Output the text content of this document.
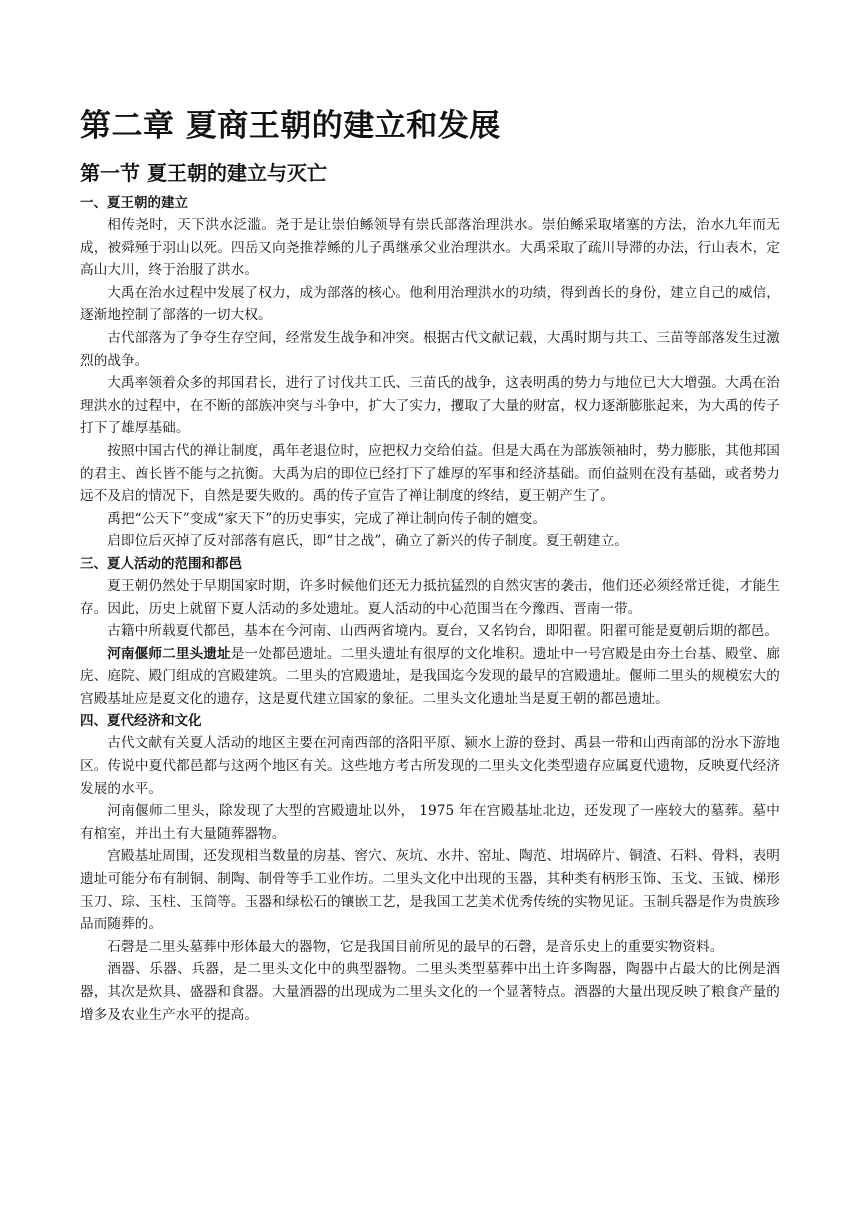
第二章 夏商王朝的建立和发展
第一节 夏王朝的建立与灭亡
一、夏王朝的建立

相传尧时，天下洪水泛滥。尧于是让崇伯鲧领导有崇氏部落治理洪水。崇伯鲧采取堵塞的方法，治水九年而无成，被舜殛于羽山以死。四岳又向尧推荐鲧的儿子禹继承父业治理洪水。大禹采取了疏川导滞的办法，行山表木，定高山大川，终于治服了洪水。

大禹在治水过程中发展了权力，成为部落的核心。他利用治理洪水的功绩，得到酋长的身份，建立自己的威信，逐渐地控制了部落的一切大权。

古代部落为了争夺生存空间，经常发生战争和冲突。根据古代文献记载，大禹时期与共工、三苗等部落发生过激烈的战争。

大禹率领着众多的邦国君长，进行了讨伐共工氏、三苗氏的战争，这表明禹的势力与地位已大大增强。大禹在治理洪水的过程中，在不断的部族冲突与斗争中，扩大了实力，攫取了大量的财富，权力逐渐膨胀起来，为大禹的传子打下了雄厚基础。

按照中国古代的禅让制度，禹年老退位时，应把权力交给伯益。但是大禹在为部族领袖时，势力膨胀，其他邦国的君主、酋长皆不能与之抗衡。大禹为启的即位已经打下了雄厚的军事和经济基础。而伯益则在没有基础，或者势力远不及启的情况下，自然是要失败的。禹的传子宣告了禅让制度的终结，夏王朝产生了。

禹把“公天下”变成“家天下”的历史事实，完成了禅让制向传子制的嬗变。

启即位后灭掉了反对部落有扈氏，即“甘之战”，确立了新兴的传子制度。夏王朝建立。

三、夏人活动的范围和都邑

夏王朝仍然处于早期国家时期，许多时候他们还无力抵抗猛烈的自然灾害的袭击，他们还必须经常迁徙，才能生存。因此，历史上就留下夏人活动的多处遗址。夏人活动的中心范围当在今豫西、晋南一带。

古籍中所载夏代都邑，基本在今河南、山西两省境内。夏台，又名钧台，即阳翟。阳翟可能是夏朝后期的都邑。

河南偃师二里头遗址是一处都邑遗址。二里头遗址有很厚的文化堆积。遗址中一号宫殿是由夯土台基、殿堂、廊庑、庭院、殿门组成的宫殿建筑。二里头的宫殿遗址，是我国迄今发现的最早的宫殿遗址。偃师二里头的规模宏大的宫殿基址应是夏文化的遗存，这是夏代建立国家的象征。二里头文化遗址当是夏王朝的都邑遗址。

四、夏代经济和文化

古代文献有关夏人活动的地区主要在河南西部的洛阳平原、颍水上游的登封、禹县一带和山西南部的汾水下游地区。传说中夏代都邑都与这两个地区有关。这些地方考古所发现的二里头文化类型遗存应属夏代遗物，反映夏代经济发展的水平。

河南偃师二里头，除发现了大型的宫殿遗址以外， 1975 年在宫殿基址北边，还发现了一座较大的墓葬。墓中有棺室，并出土有大量随葬器物。

宫殿基址周围，还发现相当数量的房基、窖穴、灰坑、水井、窑址、陶范、坩埚碎片、铜渣、石料、骨料，表明遗址可能分布有制铜、制陶、制骨等手工业作坊。二里头文化中出现的玉器，其种类有柄形玉饰、玉戈、玉钺、梯形玉刀、琮、玉柱、玉筒等。玉器和绿松石的镶嵌工艺，是我国工艺美术优秀传统的实物见证。玉制兵器是作为贵族珍品而随葬的。

石磬是二里头墓葬中形体最大的器物，它是我国目前所见的最早的石磬，是音乐史上的重要实物资料。

酒器、乐器、兵器，是二里头文化中的典型器物。二里头类型墓葬中出土许多陶器，陶器中占最大的比例是酒器，其次是炊具、盛器和食器。大量酒器的出现成为二里头文化的一个显著特点。酒器的大量出现反映了粮食产量的增多及农业生产水平的提高。
